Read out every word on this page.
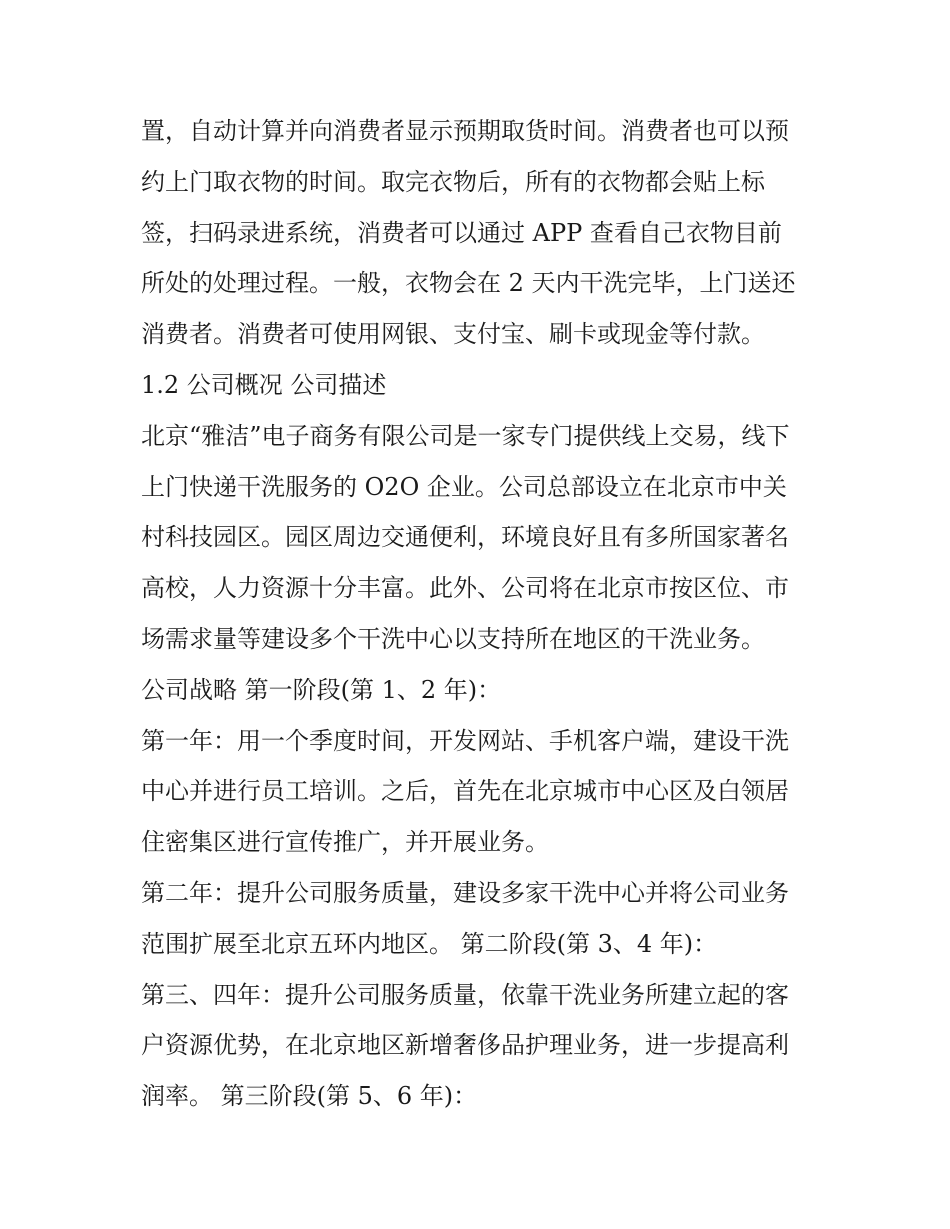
置，自动计算并向消费者显示预期取货时间。消费者也可以预
约上门取衣物的时间。取完衣物后，所有的衣物都会贴上标
签，扫码录进系统，消费者可以通过 APP 查看自己衣物目前
所处的处理过程。一般，衣物会在 2 天内干洗完毕，上门送还
消费者。消费者可使用网银、支付宝、刷卡或现金等付款。
1.2 公司概况 公司描述
北京“雅洁”电子商务有限公司是一家专门提供线上交易，线下
上门快递干洗服务的 O2O 企业。公司总部设立在北京市中关
村科技园区。园区周边交通便利，环境良好且有多所国家著名
高校，人力资源十分丰富。此外、公司将在北京市按区位、市
场需求量等建设多个干洗中心以支持所在地区的干洗业务。
公司战略 第一阶段(第 1、2 年)：
第一年：用一个季度时间，开发网站、手机客户端，建设干洗
中心并进行员工培训。之后，首先在北京城市中心区及白领居
住密集区进行宣传推广，并开展业务。
第二年：提升公司服务质量，建设多家干洗中心并将公司业务
范围扩展至北京五环内地区。 第二阶段(第 3、4 年)：
第三、四年：提升公司服务质量，依靠干洗业务所建立起的客
户资源优势，在北京地区新增奢侈品护理业务，进一步提高利
润率。 第三阶段(第 5、6 年)：
